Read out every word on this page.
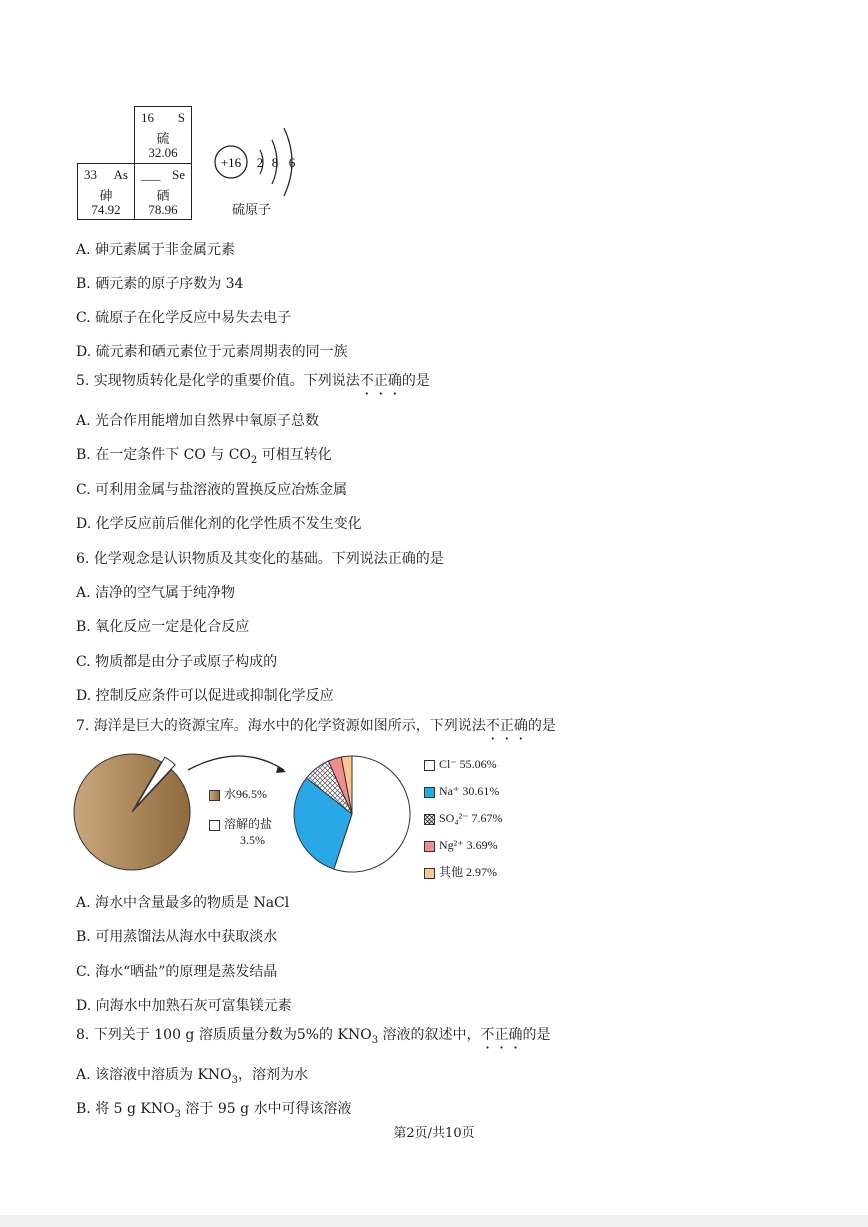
16 S
硫
32.06
33 As
砷
74.92
___ Se
硒
78.96
+16 2 8 6
硫原子
A. 砷元素属于非金属元素
B. 硒元素的原子序数为 34
C. 硫原子在化学反应中易失去电子
D. 硫元素和硒元素位于元素周期表的同一族
5. 实现物质转化是化学的重要价值。下列说法不正确的是
A. 光合作用能增加自然界中氧原子总数
B. 在一定条件下 CO 与 $CO_2$ 可相互转化
C. 可利用金属与盐溶液的置换反应冶炼金属
D. 化学反应前后催化剂的化学性质不发生变化
6. 化学观念是认识物质及其变化的基础。下列说法正确的是
A. 洁净的空气属于纯净物
B. 氧化反应一定是化合反应
C. 物质都是由分子或原子构成的
D. 控制反应条件可以促进或抑制化学反应
7. 海洋是巨大的资源宝库。海水中的化学资源如图所示，下列说法不正确的是
水96.5%
溶解的盐
3.5%
Cl⁻ 55.06%
Na⁺ 30.61%
SO₄²⁻ 7.67%
Ng²⁺ 3.69%
其他 2.97%
A. 海水中含量最多的物质是 NaCl
B. 可用蒸馏法从海水中获取淡水
C. 海水“晒盐”的原理是蒸发结晶
D. 向海水中加熟石灰可富集镁元素
8. 下列关于 100 g 溶质质量分数为5%的 $KNO_3$ 溶液的叙述中，不正确的是
A. 该溶液中溶质为 $KNO_3$，溶剂为水
B. 将 5 g $KNO_3$ 溶于 95 g 水中可得该溶液
第2页/共10页
